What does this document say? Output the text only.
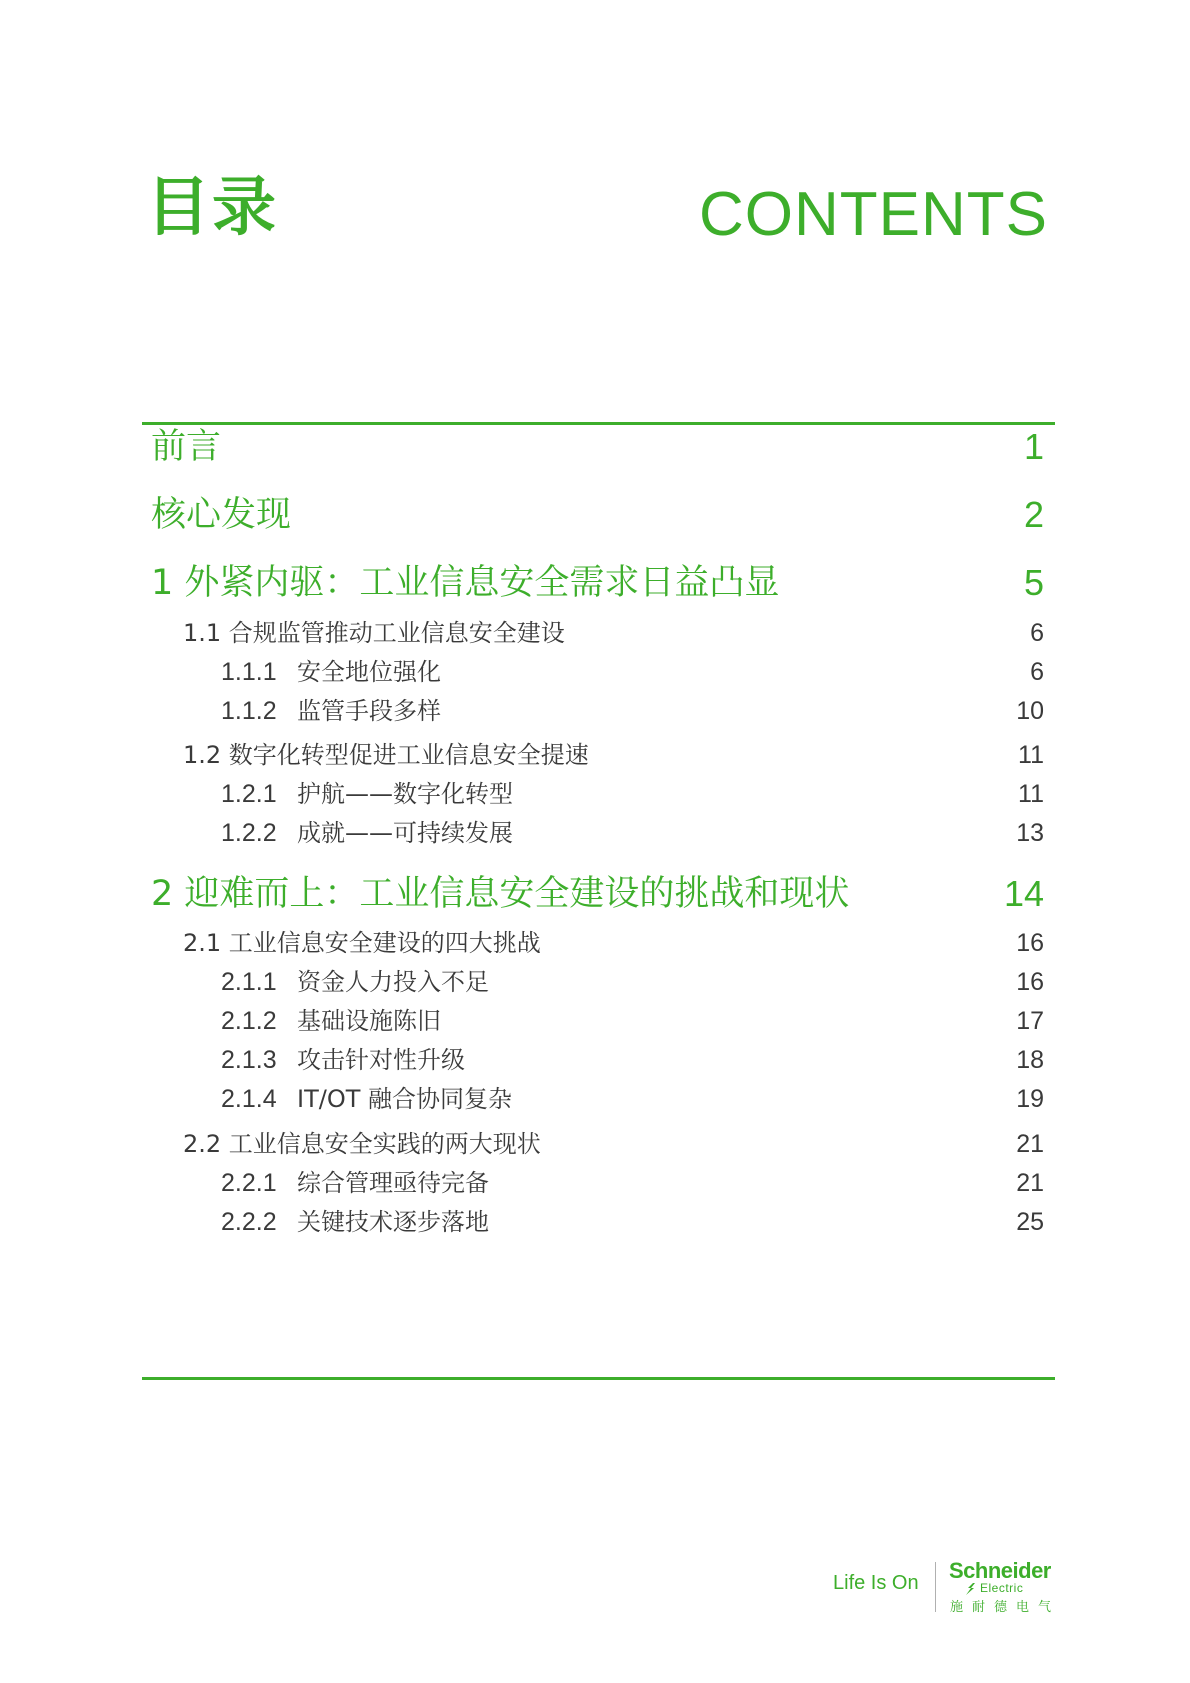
目录	CONTENTS
前言	1
核心发现	2
1 外紧内驱：工业信息安全需求日益凸显	5
1.1 合规监管推动工业信息安全建设	6
1.1.1 安全地位强化	6
1.1.2 监管手段多样	10
1.2 数字化转型促进工业信息安全提速	11
1.2.1 护航——数字化转型	11
1.2.2 成就——可持续发展	13
2 迎难而上：工业信息安全建设的挑战和现状	14
2.1 工业信息安全建设的四大挑战	16
2.1.1 资金人力投入不足	16
2.1.2 基础设施陈旧	17
2.1.3 攻击针对性升级	18
2.1.4 IT/OT 融合协同复杂	19
2.2 工业信息安全实践的两大现状	21
2.2.1 综合管理亟待完备	21
2.2.2 关键技术逐步落地	25
Life Is On Schneider
Electric
施耐德电气
